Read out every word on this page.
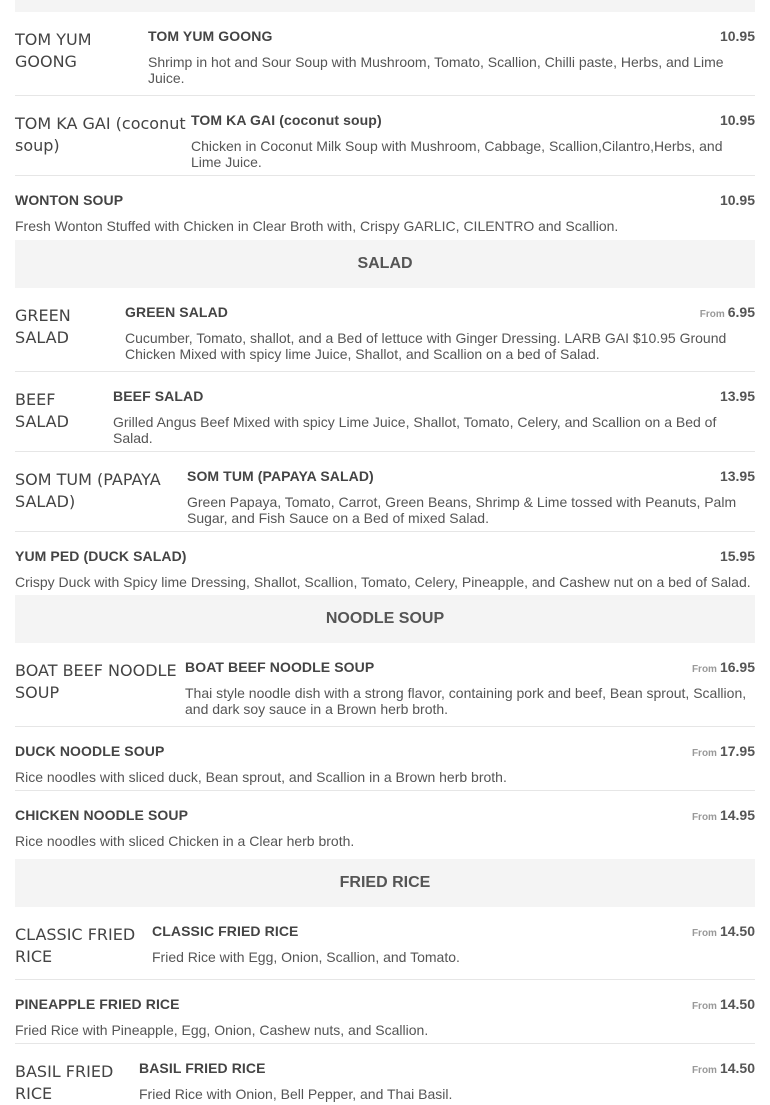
TOM YUM GOONG
TOM YUM GOONG	10.95
Shrimp in hot and Sour Soup with Mushroom, Tomato, Scallion, Chilli paste, Herbs, and Lime Juice.
TOM KA GAI (coconut soup)
TOM KA GAI (coconut soup)	10.95
Chicken in Coconut Milk Soup with Mushroom, Cabbage, Scallion,Cilantro,Herbs, and Lime Juice.
WONTON SOUP	10.95
Fresh Wonton Stuffed with Chicken in Clear Broth with, Crispy GARLIC, CILENTRO and Scallion.
SALAD
GREEN SALAD
GREEN SALAD	From 6.95
Cucumber, Tomato, shallot, and a Bed of lettuce with Ginger Dressing. LARB GAI $10.95 Ground Chicken Mixed with spicy lime Juice, Shallot, and Scallion on a bed of Salad.
BEEF SALAD
BEEF SALAD	13.95
Grilled Angus Beef Mixed with spicy Lime Juice, Shallot, Tomato, Celery, and Scallion on a Bed of Salad.
SOM TUM (PAPAYA SALAD)
SOM TUM (PAPAYA SALAD)	13.95
Green Papaya, Tomato, Carrot, Green Beans, Shrimp & Lime tossed with Peanuts, Palm Sugar, and Fish Sauce on a Bed of mixed Salad.
YUM PED (DUCK SALAD)	15.95
Crispy Duck with Spicy lime Dressing, Shallot, Scallion, Tomato, Celery, Pineapple, and Cashew nut on a bed of Salad.
NOODLE SOUP
BOAT BEEF NOODLE SOUP
BOAT BEEF NOODLE SOUP	From 16.95
Thai style noodle dish with a strong flavor, containing pork and beef, Bean sprout, Scallion, and dark soy sauce in a Brown herb broth.
DUCK NOODLE SOUP	From 17.95
Rice noodles with sliced duck, Bean sprout, and Scallion in a Brown herb broth.
CHICKEN NOODLE SOUP	From 14.95
Rice noodles with sliced Chicken in a Clear herb broth.
FRIED RICE
CLASSIC FRIED RICE
CLASSIC FRIED RICE	From 14.50
Fried Rice with Egg, Onion, Scallion, and Tomato.
PINEAPPLE FRIED RICE	From 14.50
Fried Rice with Pineapple, Egg, Onion, Cashew nuts, and Scallion.
BASIL FRIED RICE
BASIL FRIED RICE	From 14.50
Fried Rice with Onion, Bell Pepper, and Thai Basil.
